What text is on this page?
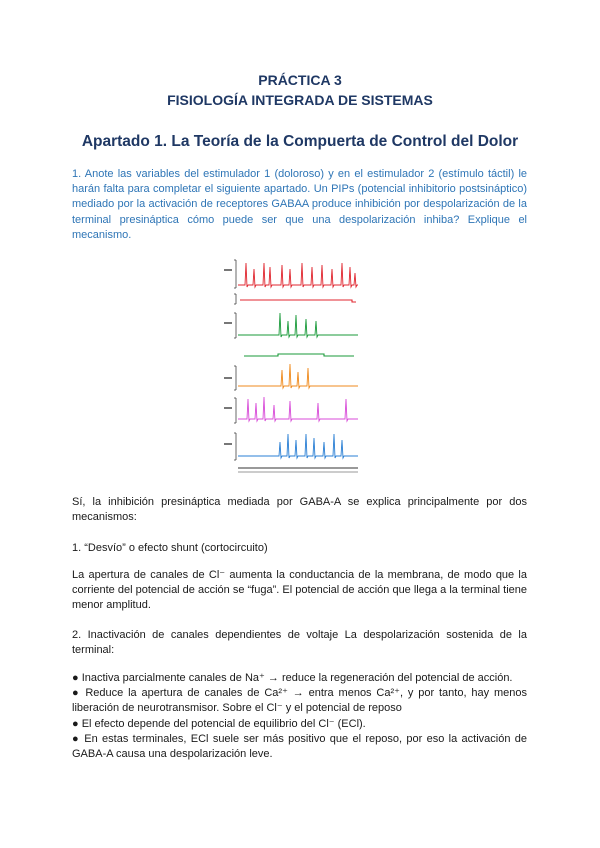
PRÁCTICA 3
FISIOLOGÍA INTEGRADA DE SISTEMAS
Apartado 1. La Teoría de la Compuerta de Control del Dolor
1. Anote las variables del estimulador 1 (doloroso) y en el estimulador 2 (estímulo táctil) le harán falta para completar el siguiente apartado. Un PIPs (potencial inhibitorio postsináptico) mediado por la activación de receptores GABAA produce inhibición por despolarización de la terminal presináptica cómo puede ser que una despolarización inhiba? Explique el mecanismo.
Sí, la inhibición presináptica mediada por GABA-A se explica principalmente por dos mecanismos:
1. “Desvío” o efecto shunt (cortocircuito)
La apertura de canales de Cl⁻ aumenta la conductancia de la membrana, de modo que la corriente del potencial de acción se “fuga”. El potencial de acción que llega a la terminal tiene menor amplitud.
2. Inactivación de canales dependientes de voltaje La despolarización sostenida de la terminal:
● Inactiva parcialmente canales de Na⁺ → reduce la regeneración del potencial de acción.
● Reduce la apertura de canales de Ca²⁺ → entra menos Ca²⁺, y por tanto, hay menos liberación de neurotransmisor. Sobre el Cl⁻ y el potencial de reposo
● El efecto depende del potencial de equilibrio del Cl⁻ (ECl).
● En estas terminales, ECl suele ser más positivo que el reposo, por eso la activación de GABA-A causa una despolarización leve.
